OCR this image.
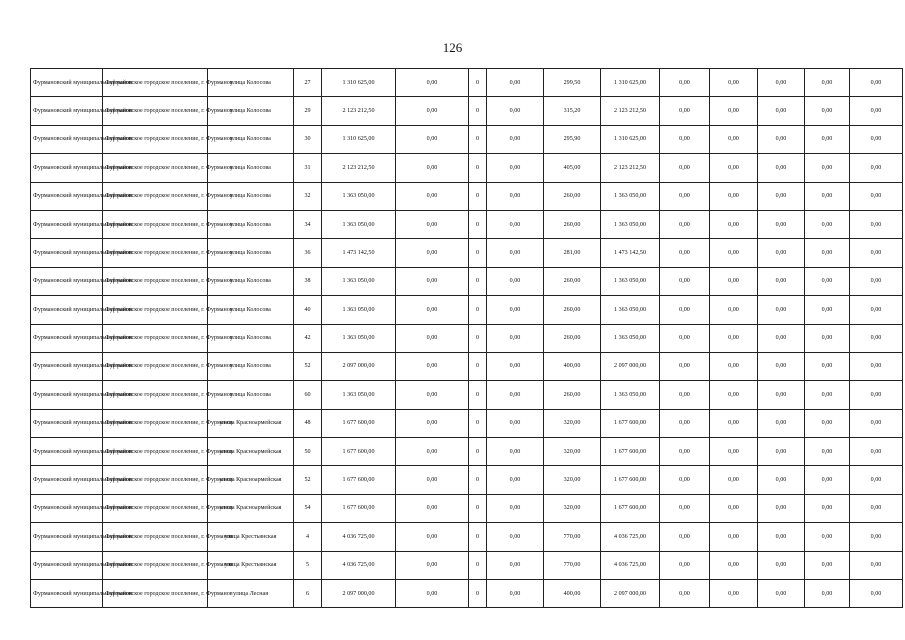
126
Фурмановский муниципальный район	Фурмановское городское поселение, г. Фурманов	улица Колосова	27	1 310 625,00	0,00	0	0,00	299,50	1 310 625,00	0,00	0,00	0,00	0,00	0,00
Фурмановский муниципальный район	Фурмановское городское поселение, г. Фурманов	улица Колосова	29	2 123 212,50	0,00	0	0,00	315,20	2 123 212,50	0,00	0,00	0,00	0,00	0,00
Фурмановский муниципальный район	Фурмановское городское поселение, г. Фурманов	улица Колосова	30	1 310 625,00	0,00	0	0,00	295,90	1 310 625,00	0,00	0,00	0,00	0,00	0,00
Фурмановский муниципальный район	Фурмановское городское поселение, г. Фурманов	улица Колосова	31	2 123 212,50	0,00	0	0,00	405,00	2 123 212,50	0,00	0,00	0,00	0,00	0,00
Фурмановский муниципальный район	Фурмановское городское поселение, г. Фурманов	улица Колосова	32	1 363 050,00	0,00	0	0,00	260,00	1 363 050,00	0,00	0,00	0,00	0,00	0,00
Фурмановский муниципальный район	Фурмановское городское поселение, г. Фурманов	улица Колосова	34	1 363 050,00	0,00	0	0,00	260,00	1 363 050,00	0,00	0,00	0,00	0,00	0,00
Фурмановский муниципальный район	Фурмановское городское поселение, г. Фурманов	улица Колосова	36	1 473 142,50	0,00	0	0,00	281,00	1 473 142,50	0,00	0,00	0,00	0,00	0,00
Фурмановский муниципальный район	Фурмановское городское поселение, г. Фурманов	улица Колосова	38	1 363 050,00	0,00	0	0,00	260,00	1 363 050,00	0,00	0,00	0,00	0,00	0,00
Фурмановский муниципальный район	Фурмановское городское поселение, г. Фурманов	улица Колосова	40	1 363 050,00	0,00	0	0,00	260,00	1 363 050,00	0,00	0,00	0,00	0,00	0,00
Фурмановский муниципальный район	Фурмановское городское поселение, г. Фурманов	улица Колосова	42	1 363 050,00	0,00	0	0,00	260,00	1 363 050,00	0,00	0,00	0,00	0,00	0,00
Фурмановский муниципальный район	Фурмановское городское поселение, г. Фурманов	улица Колосова	52	2 097 000,00	0,00	0	0,00	400,00	2 097 000,00	0,00	0,00	0,00	0,00	0,00
Фурмановский муниципальный район	Фурмановское городское поселение, г. Фурманов	улица Колосова	60	1 363 050,00	0,00	0	0,00	260,00	1 363 050,00	0,00	0,00	0,00	0,00	0,00
Фурмановский муниципальный район	Фурмановское городское поселение, г. Фурманов	улица Красноармейская	48	1 677 600,00	0,00	0	0,00	320,00	1 677 600,00	0,00	0,00	0,00	0,00	0,00
Фурмановский муниципальный район	Фурмановское городское поселение, г. Фурманов	улица Красноармейская	50	1 677 600,00	0,00	0	0,00	320,00	1 677 600,00	0,00	0,00	0,00	0,00	0,00
Фурмановский муниципальный район	Фурмановское городское поселение, г. Фурманов	улица Красноармейская	52	1 677 600,00	0,00	0	0,00	320,00	1 677 600,00	0,00	0,00	0,00	0,00	0,00
Фурмановский муниципальный район	Фурмановское городское поселение, г. Фурманов	улица Красноармейская	54	1 677 600,00	0,00	0	0,00	320,00	1 677 600,00	0,00	0,00	0,00	0,00	0,00
Фурмановский муниципальный район	Фурмановское городское поселение, г. Фурманов	улица Крестьянская	4	4 036 725,00	0,00	0	0,00	770,00	4 036 725,00	0,00	0,00	0,00	0,00	0,00
Фурмановский муниципальный район	Фурмановское городское поселение, г. Фурманов	улица Крестьянская	5	4 036 725,00	0,00	0	0,00	770,00	4 036 725,00	0,00	0,00	0,00	0,00	0,00
Фурмановский муниципальный район	Фурмановское городское поселение, г. Фурманов	улица Лесная	6	2 097 000,00	0,00	0	0,00	400,00	2 097 000,00	0,00	0,00	0,00	0,00	0,00
